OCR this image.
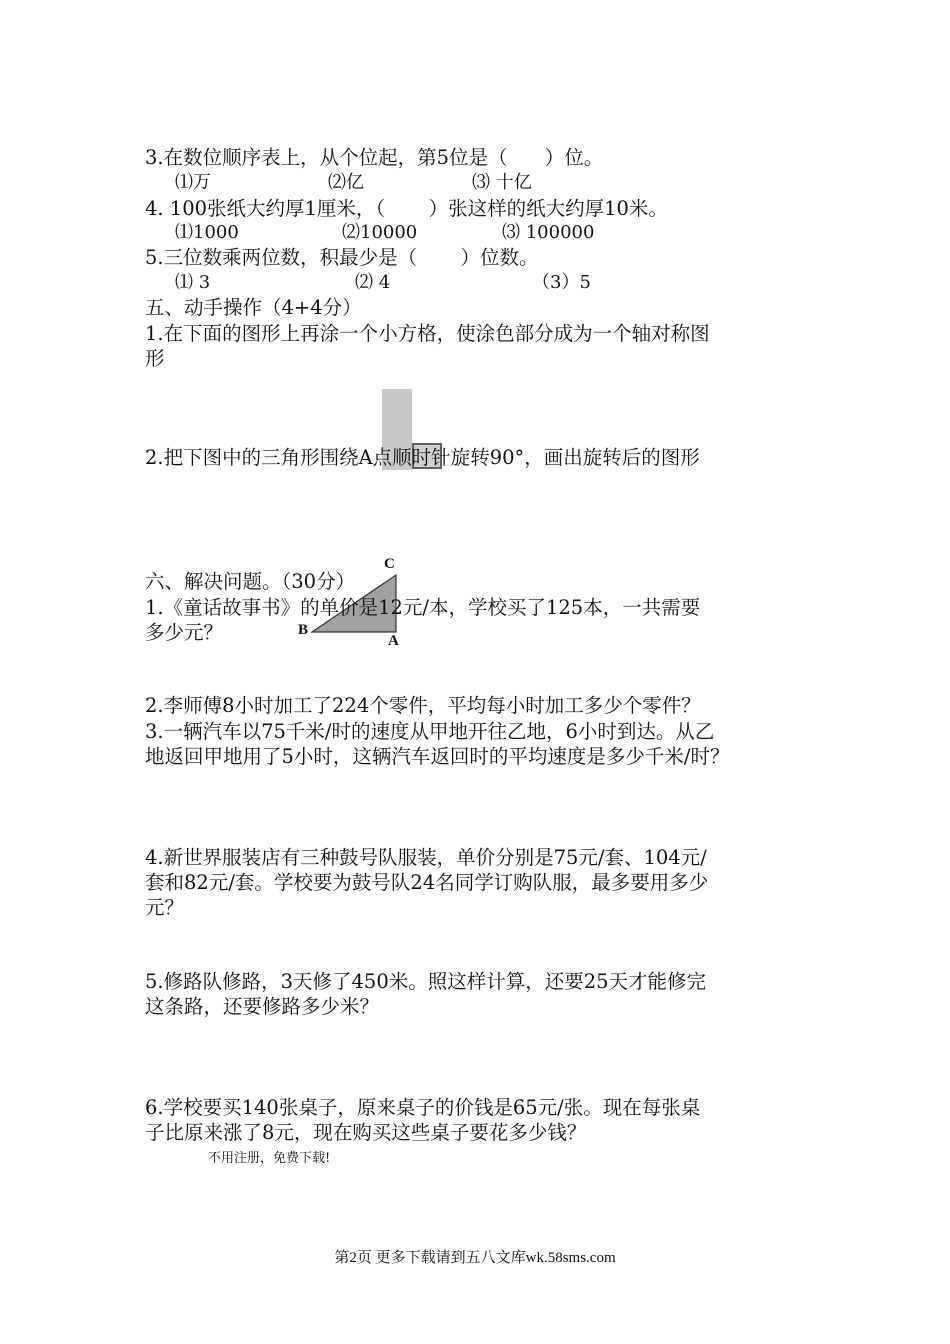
3.在数位顺序表上，从个位起，第5位是（      ）位。
⑴万	⑵亿	⑶ 十亿
4. 100张纸大约厚1厘米，（       ）张这样的纸大约厚10米。
⑴1000	⑵10000	⑶ 100000
5.三位数乘两位数，积最少是（       ）位数。
⑴ 3	⑵ 4	（3）5
五、动手操作（4+4分）
1.在下面的图形上再涂一个小方格，使涂色部分成为一个轴对称图
形
2.把下图中的三角形围绕A点顺时针旋转90°，画出旋转后的图形
C
B
A
六、解决问题。（30分）
1.《童话故事书》的单价是12元/本，学校买了125本，一共需要
多少元？
2.李师傅8小时加工了224个零件，平均每小时加工多少个零件？
3.一辆汽车以75千米/时的速度从甲地开往乙地，6小时到达。从乙
地返回甲地用了5小时，这辆汽车返回时的平均速度是多少千米/时？
4.新世界服装店有三种鼓号队服装，单价分别是75元/套、104元/
套和82元/套。学校要为鼓号队24名同学订购队服，最多要用多少
元？
5.修路队修路，3天修了450米。照这样计算，还要25天才能修完
这条路，还要修路多少米？
6.学校要买140张桌子，原来桌子的价钱是65元/张。现在每张桌
子比原来涨了8元，现在购买这些桌子要花多少钱？
不用注册，免费下载!
第2页 更多下载请到五八文库wk.58sms.com
